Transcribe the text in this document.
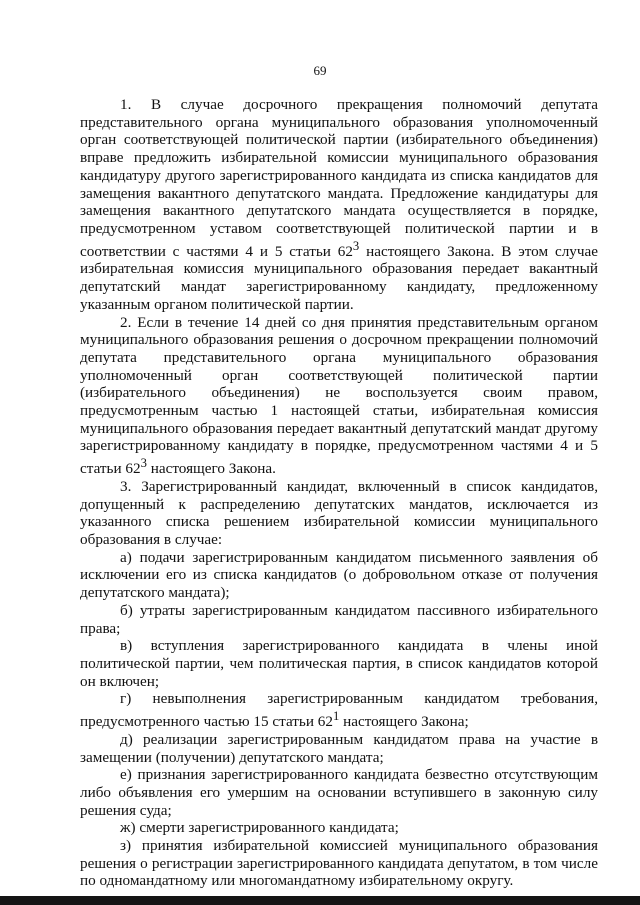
69

1. В случае досрочного прекращения полномочий депутата представительного органа муниципального образования уполномоченный орган соответствующей политической партии (избирательного объединения) вправе предложить избирательной комиссии муниципального образования кандидатуру другого зарегистрированного кандидата из списка кандидатов для замещения вакантного депутатского мандата. Предложение кандидатуры для замещения вакантного депутатского мандата осуществляется в порядке, предусмотренном уставом соответствующей политической партии и в соответствии с частями 4 и 5 статьи $62^3$ настоящего Закона. В этом случае избирательная комиссия муниципального образования передает вакантный депутатский мандат зарегистрированному кандидату, предложенному указанным органом политической партии.

2. Если в течение 14 дней со дня принятия представительным органом муниципального образования решения о досрочном прекращении полномочий депутата представительного органа муниципального образования уполномоченный орган соответствующей политической партии (избирательного объединения) не воспользуется своим правом, предусмотренным частью 1 настоящей статьи, избирательная комиссия муниципального образования передает вакантный депутатский мандат другому зарегистрированному кандидату в порядке, предусмотренном частями 4 и 5 статьи $62^3$ настоящего Закона.

3. Зарегистрированный кандидат, включенный в список кандидатов, допущенный к распределению депутатских мандатов, исключается из указанного списка решением избирательной комиссии муниципального образования в случае:

а) подачи зарегистрированным кандидатом письменного заявления об исключении его из списка кандидатов (о добровольном отказе от получения депутатского мандата);

б) утраты зарегистрированным кандидатом пассивного избирательного права;

в) вступления зарегистрированного кандидата в члены иной политической партии, чем политическая партия, в список кандидатов которой он включен;

г) невыполнения зарегистрированным кандидатом требования, предусмотренного частью 15 статьи $62^1$ настоящего Закона;

д) реализации зарегистрированным кандидатом права на участие в замещении (получении) депутатского мандата;

е) признания зарегистрированного кандидата безвестно отсутствующим либо объявления его умершим на основании вступившего в законную силу решения суда;

ж) смерти зарегистрированного кандидата;

з) принятия избирательной комиссией муниципального образования решения о регистрации зарегистрированного кандидата депутатом, в том числе по одномандатному или многомандатному избирательному округу.
